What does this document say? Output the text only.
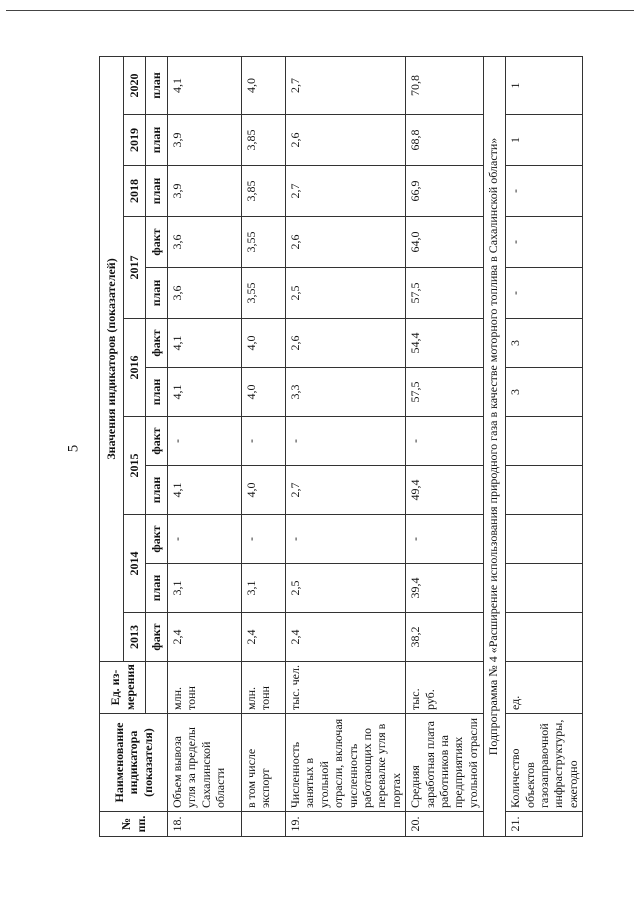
5
№ пп.	Наименование индикатора (показателя)	Ед. из-мерения	Значения индикаторов (показателей)											
			2013	2014		2015		2016		2017		2018	2019	2020
			факт	план	факт	план	факт	план	факт	план	факт	план	план	план
18.	Объем вывоза угля за пределы Сахалинской области	млн. тонн	2,4	3,1	-	4,1	-	4,1	4,1	3,6	3,6	3,9	3,9	4,1
	в том числе экспорт	млн. тонн	2,4	3,1	-	4,0	-	4,0	4,0	3,55	3,55	3,85	3,85	4,0
19.	Численность занятых в угольной отрасли, включая численность работающих по перевалке угля в портах	тыс. чел.	2,4	2,5	-	2,7	-	3,3	2,6	2,5	2,6	2,7	2,6	2,7
20.	Средняя заработная плата работников на предприятиях угольной отрасли	тыс. руб.	38,2	39,4	-	49,4	-	57,5	54,4	57,5	64,0	66,9	68,8	70,8
Подпрограмма № 4 «Расширение использования природного газа в качестве моторного топлива в Сахалинской области»														
21.	Количество объектов газозаправочной инфраструктуры, ежегодно	ед.						3	3	-	-	-	1	1
